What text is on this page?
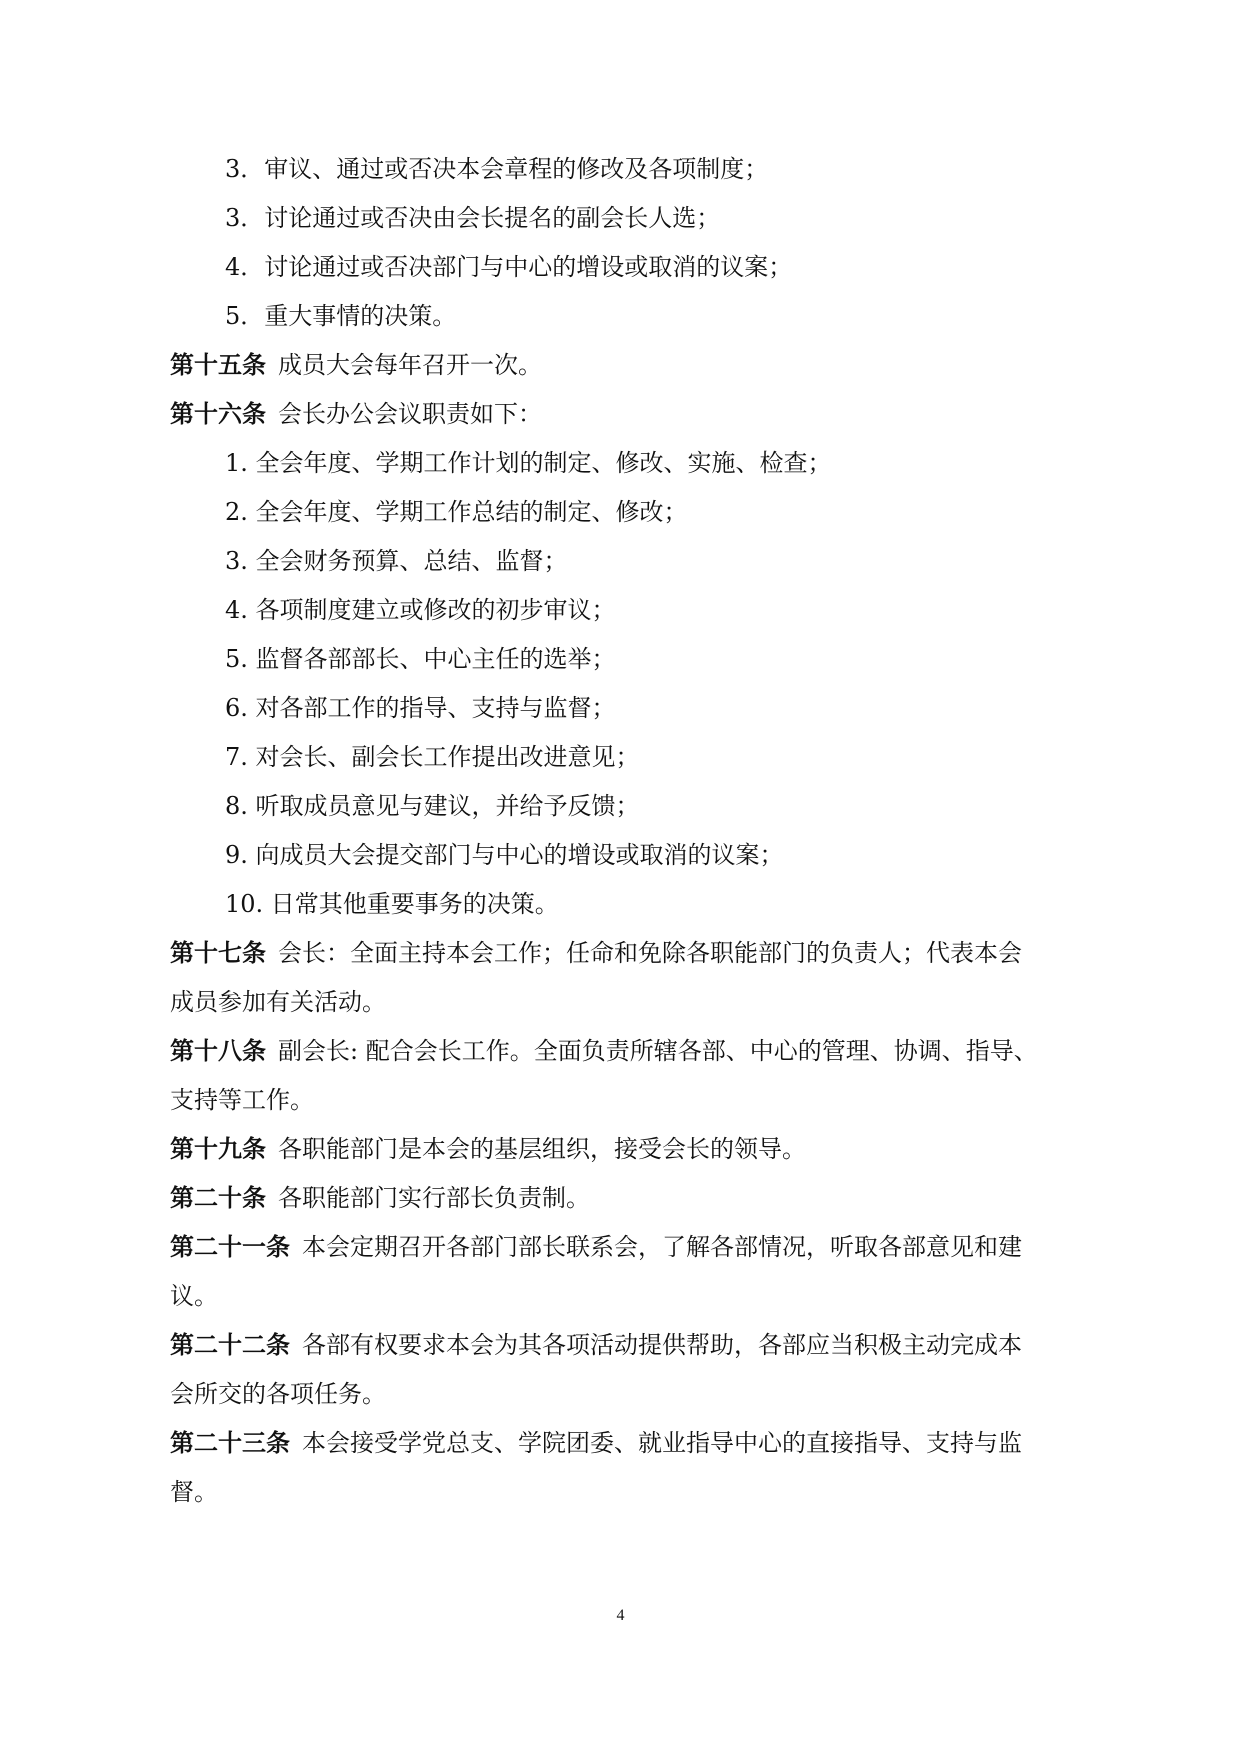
3．审议、通过或否决本会章程的修改及各项制度；
3．讨论通过或否决由会长提名的副会长人选；
4．讨论通过或否决部门与中心的增设或取消的议案；
5．重大事情的决策。
第十五条 成员大会每年召开一次。
第十六条 会长办公会议职责如下：
1. 全会年度、学期工作计划的制定、修改、实施、检查；
2. 全会年度、学期工作总结的制定、修改；
3. 全会财务预算、总结、监督；
4. 各项制度建立或修改的初步审议；
5. 监督各部部长、中心主任的选举；
6. 对各部工作的指导、支持与监督；
7. 对会长、副会长工作提出改进意见；
8. 听取成员意见与建议，并给予反馈；
9. 向成员大会提交部门与中心的增设或取消的议案；
10. 日常其他重要事务的决策。
第十七条 会长：全面主持本会工作；任命和免除各职能部门的负责人；代表本会
成员参加有关活动。
第十八条 副会长: 配合会长工作。全面负责所辖各部、中心的管理、协调、指导、
支持等工作。
第十九条 各职能部门是本会的基层组织，接受会长的领导。
第二十条 各职能部门实行部长负责制。
第二十一条 本会定期召开各部门部长联系会，了解各部情况，听取各部意见和建
议。
第二十二条 各部有权要求本会为其各项活动提供帮助，各部应当积极主动完成本
会所交的各项任务。
第二十三条 本会接受学党总支、学院团委、就业指导中心的直接指导、支持与监
督。
4
